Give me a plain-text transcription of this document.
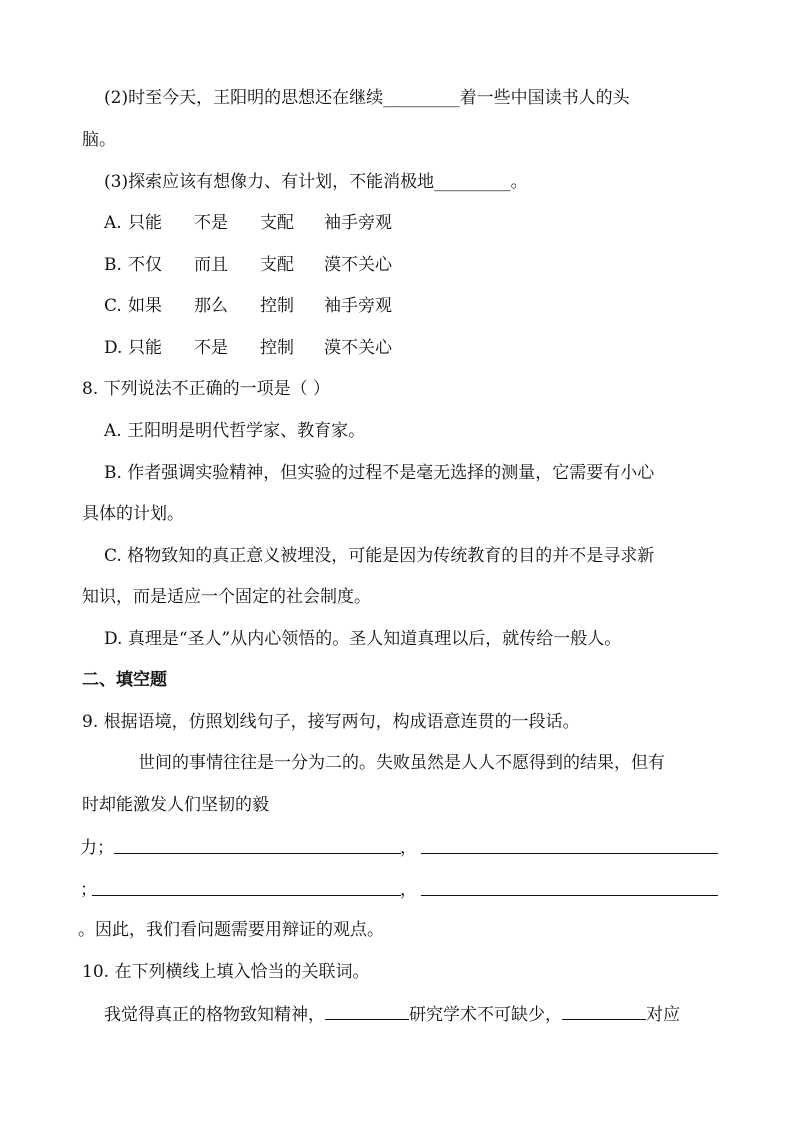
(2)时至今天，王阳明的思想还在继续_________着一些中国读书人的头
脑。
(3)探索应该有想像力、有计划，不能消极地_________。
A. 只能 不是 支配 袖手旁观
B. 不仅 而且 支配 漠不关心
C. 如果 那么 控制 袖手旁观
D. 只能 不是 控制 漠不关心
8. 下列说法不正确的一项是（ ）
A. 王阳明是明代哲学家、教育家。
B. 作者强调实验精神，但实验的过程不是毫无选择的测量，它需要有小心
具体的计划。
C. 格物致知的真正意义被埋没，可能是因为传统教育的目的并不是寻求新
知识，而是适应一个固定的社会制度。
D. 真理是“圣人”从内心领悟的。圣人知道真理以后，就传给一般人。
二、填空题
9. 根据语境，仿照划线句子，接写两句，构成语意连贯的一段话。
世间的事情往往是一分为二的。失败虽然是人人不愿得到的结果，但有
时却能激发人们坚韧的毅
力；	，
；	，
。因此，我们看问题需要用辩证的观点。
10. 在下列横线上填入恰当的关联词。
我觉得真正的格物致知精神，	研究学术不可缺少，	对应
